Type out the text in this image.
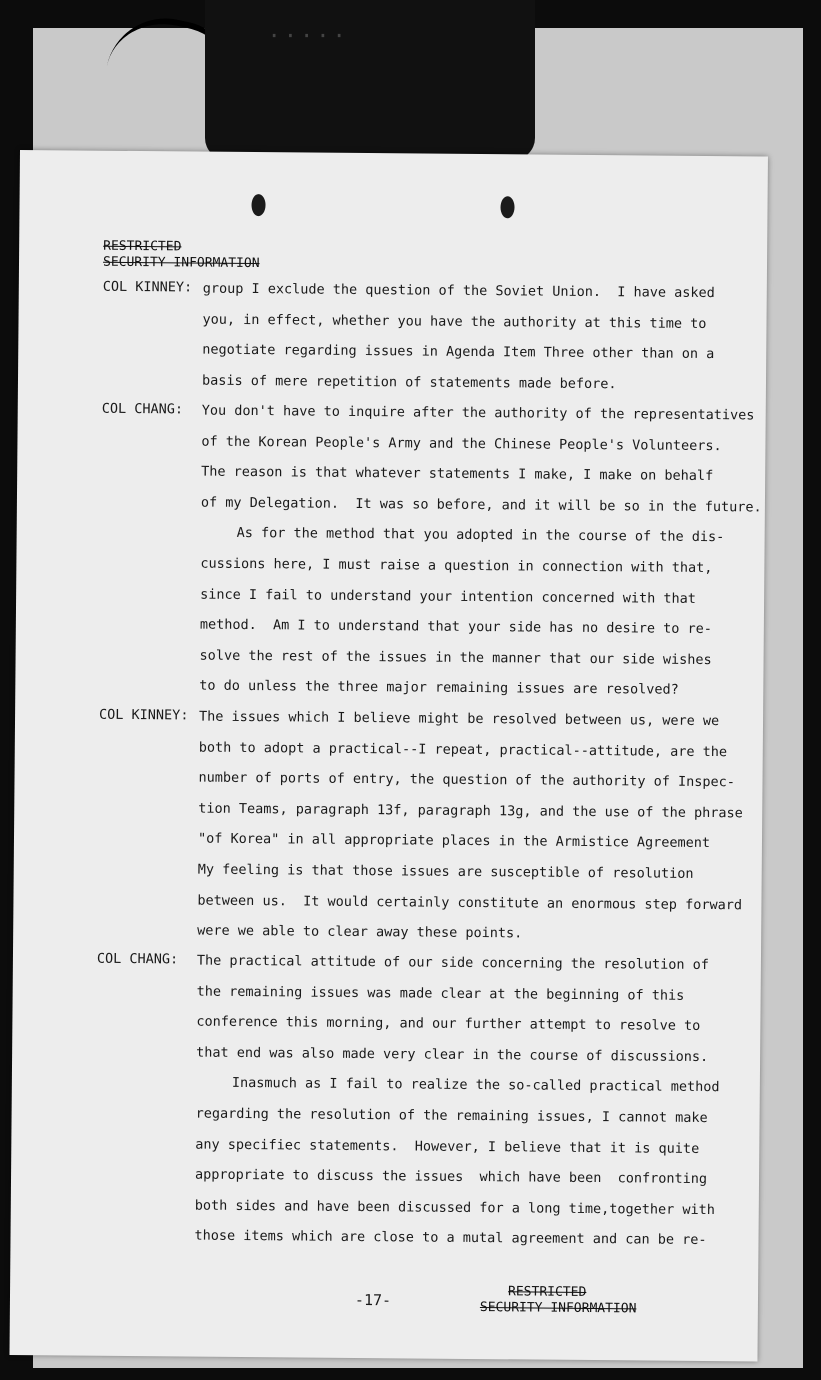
‧‧‧‧‧
RESTRICTED
SECURITY INFORMATION
COL KINNEY: group I exclude the question of the Soviet Union.  I have asked
you, in effect, whether you have the authority at this time to
negotiate regarding issues in Agenda Item Three other than on a
basis of mere repetition of statements made before.
COL CHANG: You don't have to inquire after the authority of the representatives
of the Korean People's Army and the Chinese People's Volunteers.
The reason is that whatever statements I make, I make on behalf
of my Delegation.  It was so before, and it will be so in the future.
As for the method that you adopted in the course of the dis-
cussions here, I must raise a question in connection with that,
since I fail to understand your intention concerned with that
method.  Am I to understand that your side has no desire to re-
solve the rest of the issues in the manner that our side wishes
to do unless the three major remaining issues are resolved?
COL KINNEY: The issues which I believe might be resolved between us, were we
both to adopt a practical--I repeat, practical--attitude, are the
number of ports of entry, the question of the authority of Inspec-
tion Teams, paragraph 13f, paragraph 13g, and the use of the phrase
"of Korea" in all appropriate places in the Armistice Agreement
My feeling is that those issues are susceptible of resolution
between us.  It would certainly constitute an enormous step forward
were we able to clear away these points.
COL CHANG: The practical attitude of our side concerning the resolution of
the remaining issues was made clear at the beginning of this
conference this morning, and our further attempt to resolve to
that end was also made very clear in the course of discussions.
Inasmuch as I fail to realize the so-called practical method
regarding the resolution of the remaining issues, I cannot make
any specifiec statements.  However, I believe that it is quite
appropriate to discuss the issues  which have been  confronting
both sides and have been discussed for a long time,together with
those items which are close to a mutal agreement and can be re-
-17-	RESTRICTED
SECURITY INFORMATION
